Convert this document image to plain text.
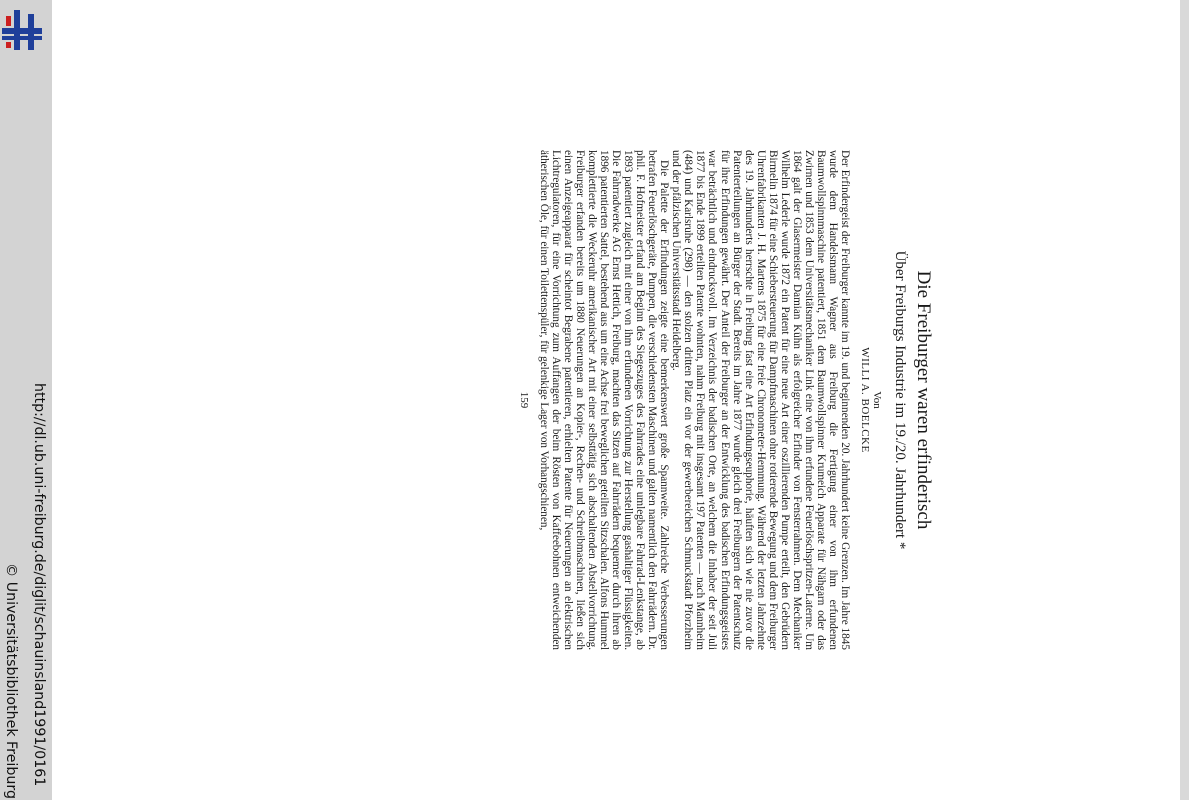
http://dl.ub.uni-freiburg.de/diglit/schauinsland1991/0161
© Universitätsbibliothek Freiburg
Die Freiburger waren erfinderisch
Über Freiburgs Industrie im 19./20. Jahrhundert *
Von
WILLI A. BOELCKE

Der Erfindergeist der Freiburger kannte im 19. und beginnenden 20. Jahrhundert keine Grenzen. Im Jahre 1845 wurde dem Handelsmann Wagner aus Freiburg die Fertigung einer von ihm erfundenen Baumwollspinnmaschine patentiert, 1851 dem Baumwollspinner Krumeich Apparate für Nähgarn oder das Zwirnen und 1853 dem Universitätsmechaniker Link eine von ihm erfundene Feuerlöschspritzen-Laterne. Um 1864 galt der Glasermeister Damian Kühn als erfolgreicher Erfinder von Fensterrahmen. Dem Mechaniker Wilhelm Lederle wurde 1872 ein Patent für eine neue Art einer oszillierenden Pumpe erteilt, den Gebrüdern Birmelin 1874 für eine Schiebersteuerung für Dampfmaschinen ohne rotierende Bewegung und dem Freiburger Uhrenfabrikanten J. H. Martens 1875 für eine freie Chronometer-Hemmung. Während der letzten Jahrzehnte des 19. Jahrhunderts herrschte in Freiburg fast eine Art Erfindungseuphorie, häuften sich wie nie zuvor die Patenterteilungen an Bürger der Stadt. Bereits im Jahre 1877 wurde gleich drei Freiburgern der Patentschutz für ihre Erfindungen gewährt. Der Anteil der Freiburger an der Entwicklung des badischen Erfindungsgeistes war beträchtlich und eindrucksvoll. Im Verzeichnis der badischen Orte, an welchem die Inhaber der seit Juli 1877 bis Ende 1899 erteilten Patente wohnten, nahm Freiburg mit insgesamt 197 Patenten — nach Mannheim (484) und Karlsruhe (298) — den stolzen dritten Platz ein vor der gewerbereichen Schmuckstadt Pforzheim und der pfälzischen Universitätsstadt Heidelberg.

Die Palette der Erfindungen zeigte eine bemerkenswert große Spannweite. Zahlreiche Verbesserungen betrafen Feuerlöschgeräte, Pumpen, die verschiedensten Maschinen und galten namentlich den Fahrrädern. Dr. phil. F. Hofmeister erfand am Beginn des Siegeszuges des Fahrrades eine umlegbare Fahrrad-Lenkstange, ab 1893 patentiert zugleich mit einer von ihm erfundenen Vorrichtung zur Herstellung gashaltiger Flüssigkeiten. Die Fahrradwerke AG Ernst Hettich, Freiburg, machten das Sitzen auf Fahrrädern bequemer durch ihren ab 1896 patentierten Sattel, bestehend aus um eine Achse frei beweglichen geteilten Sitzschalen. Alfons Hummel komplettierte die Weckeruhr amerikanischer Art mit einer selbsttätig sich abschaltenden Abstellvorrichtung. Freiburger erfanden bereits um 1880 Neuerungen an Kopier-, Rechen- und Schreibmaschinen, ließen sich einen Anzeigeapparat für scheintot Begrabene patentieren, erhielten Patente für Neuerungen an elektrischen Lichtregulatoren, für eine Vorrichtung zum Auffangen der beim Rösten von Kaffeebohnen entweichenden ätherischen Öle, für einen Toilettenspüler, für gelenkige Lager von Vorhangschienen,

159
